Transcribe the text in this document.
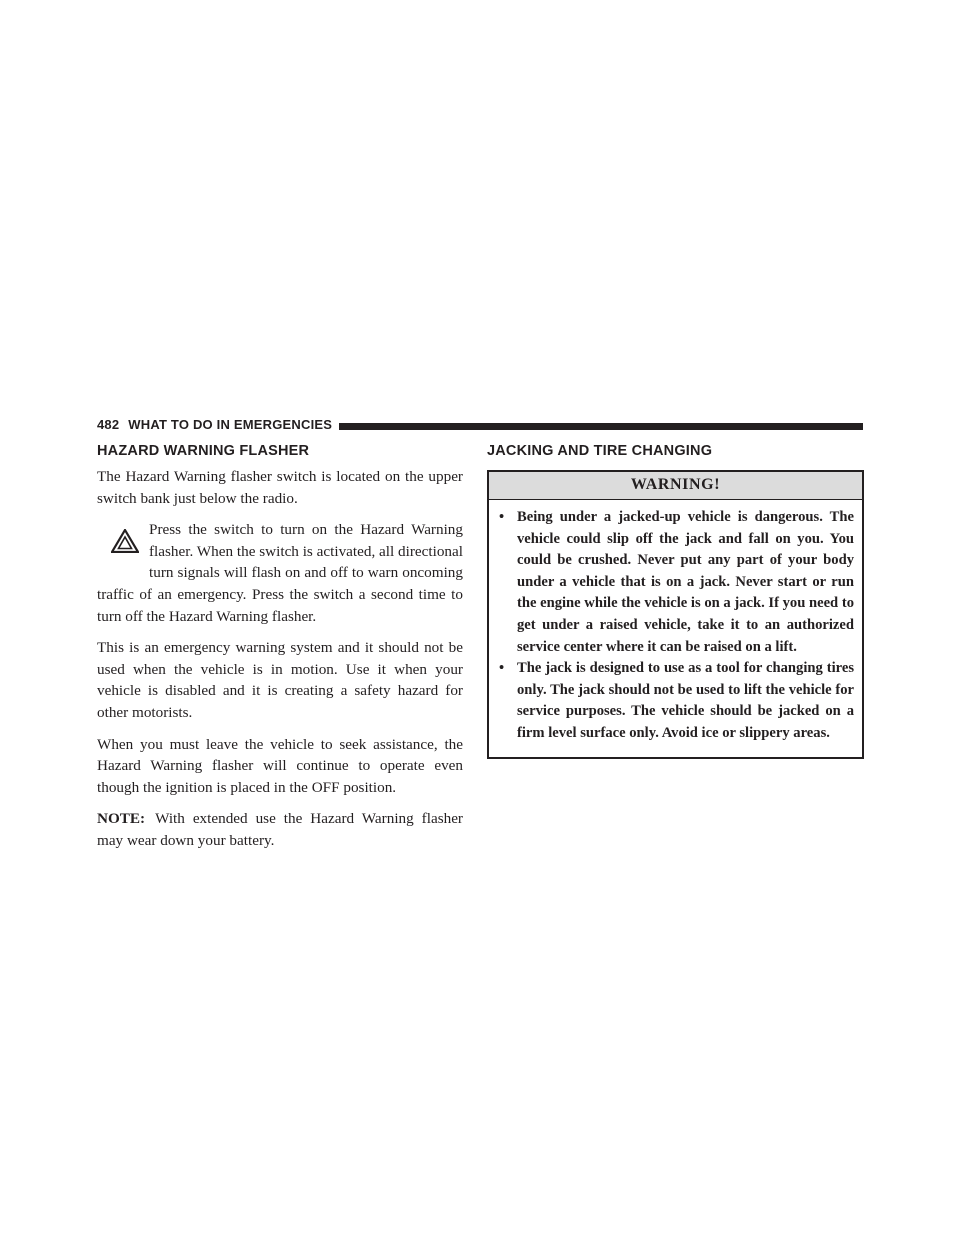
482 WHAT TO DO IN EMERGENCIES
HAZARD WARNING FLASHER

The Hazard Warning flasher switch is located on the upper switch bank just below the radio.

Press the switch to turn on the Hazard Warning flasher. When the switch is activated, all directional turn signals will flash on and off to warn oncoming traffic of an emergency. Press the switch a second time to turn off the Hazard Warning flasher.

This is an emergency warning system and it should not be used when the vehicle is in motion. Use it when your vehicle is disabled and it is creating a safety hazard for other motorists.

When you must leave the vehicle to seek assistance, the Hazard Warning flasher will continue to operate even though the ignition is placed in the OFF position.

NOTE: With extended use the Hazard Warning flasher may wear down your battery.

JACKING AND TIRE CHANGING
WARNING!
• Being under a jacked-up vehicle is dangerous. The vehicle could slip off the jack and fall on you. You could be crushed. Never put any part of your body under a vehicle that is on a jack. Never start or run the engine while the vehicle is on a jack. If you need to get under a raised vehicle, take it to an authorized service center where it can be raised on a lift.
• The jack is designed to use as a tool for changing tires only. The jack should not be used to lift the vehicle for service purposes. The vehicle should be jacked on a firm level surface only. Avoid ice or slippery areas.
